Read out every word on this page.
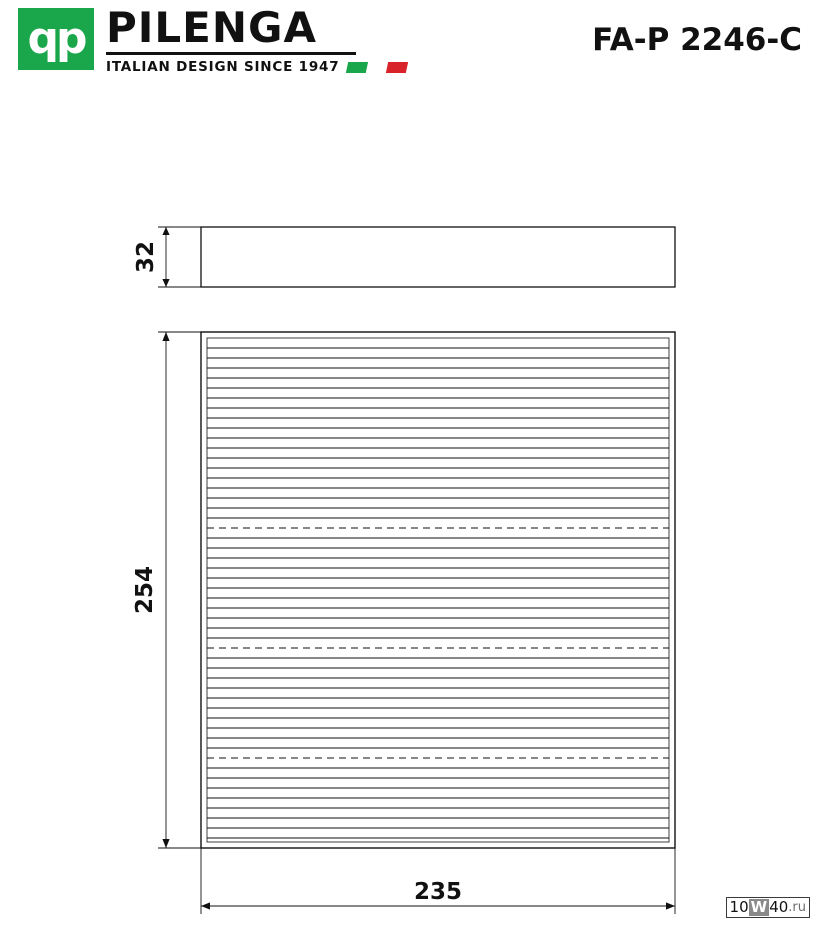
qp PILENGA
ITALIAN DESIGN SINCE 1947
FA-P 2246-C
32
254
235
10 W 40 .ru
